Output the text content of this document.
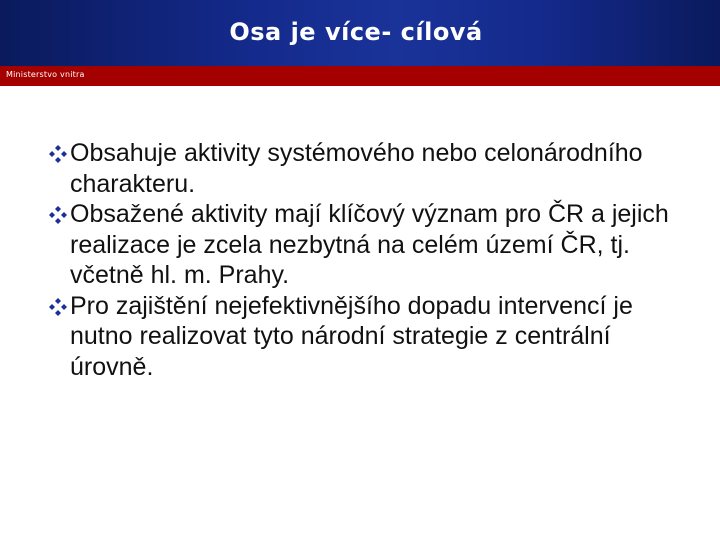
Osa je více- cílová
Ministerstvo vnitra
Obsahuje aktivity systémového nebo celonárodního charakteru.
Obsažené aktivity mají klíčový význam pro ČR a jejich realizace je zcela nezbytná na celém území ČR, tj. včetně hl. m. Prahy.
Pro zajištění nejefektivnějšího dopadu intervencí je nutno realizovat tyto národní strategie z centrální úrovně.
